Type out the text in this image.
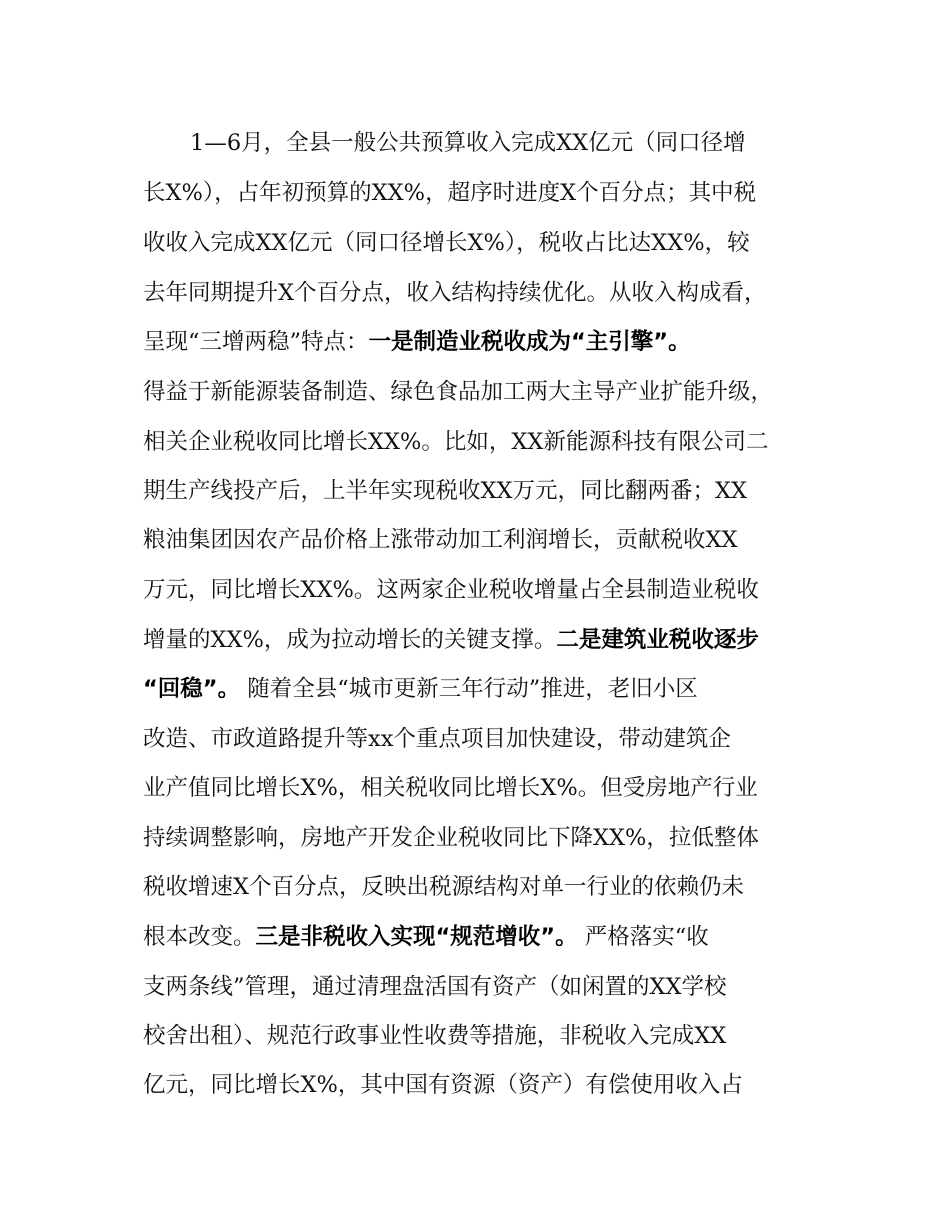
1—6月，全县一般公共预算收入完成XX亿元（同口径增
长X%），占年初预算的XX%，超序时进度X个百分点；其中税
收收入完成XX亿元（同口径增长X%），税收占比达XX%，较
去年同期提升X个百分点，收入结构持续优化。从收入构成看，
呈现“三增两稳”特点：一是制造业税收成为“主引擎”。
得益于新能源装备制造、绿色食品加工两大主导产业扩能升级，
相关企业税收同比增长XX%。比如，XX新能源科技有限公司二
期生产线投产后，上半年实现税收XX万元，同比翻两番；XX
粮油集团因农产品价格上涨带动加工利润增长，贡献税收XX
万元，同比增长XX%。这两家企业税收增量占全县制造业税收
增量的XX%，成为拉动增长的关键支撑。二是建筑业税收逐步
“回稳”。 随着全县“城市更新三年行动”推进，老旧小区
改造、市政道路提升等xx个重点项目加快建设，带动建筑企
业产值同比增长X%，相关税收同比增长X%。但受房地产行业
持续调整影响，房地产开发企业税收同比下降XX%，拉低整体
税收增速X个百分点，反映出税源结构对单一行业的依赖仍未
根本改变。三是非税收入实现“规范增收”。 严格落实“收
支两条线”管理，通过清理盘活国有资产（如闲置的XX学校
校舍出租）、规范行政事业性收费等措施，非税收入完成XX
亿元，同比增长X%，其中国有资源（资产）有偿使用收入占
